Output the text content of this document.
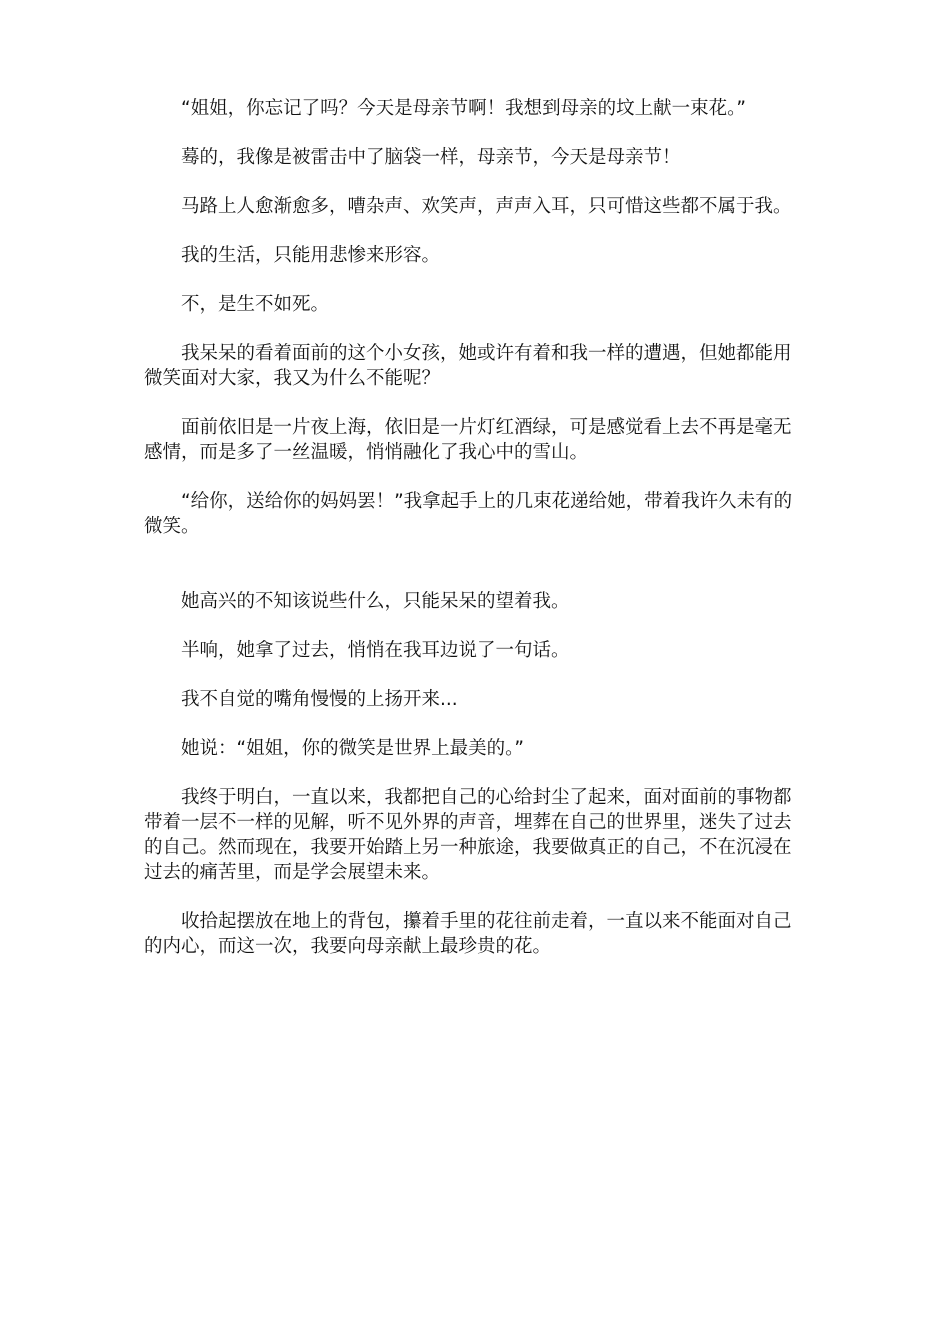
“姐姐，你忘记了吗？今天是母亲节啊！我想到母亲的坟上献一束花。”

蓦的，我像是被雷击中了脑袋一样，母亲节，今天是母亲节！

马路上人愈渐愈多，嘈杂声、欢笑声，声声入耳，只可惜这些都不属于我。

我的生活，只能用悲惨来形容。

不，是生不如死。

我呆呆的看着面前的这个小女孩，她或许有着和我一样的遭遇，但她都能用微笑面对大家，我又为什么不能呢？

面前依旧是一片夜上海，依旧是一片灯红酒绿，可是感觉看上去不再是毫无感情，而是多了一丝温暖，悄悄融化了我心中的雪山。

“给你，送给你的妈妈罢！”我拿起手上的几束花递给她，带着我许久未有的微笑。

她高兴的不知该说些什么，只能呆呆的望着我。

半响，她拿了过去，悄悄在我耳边说了一句话。

我不自觉的嘴角慢慢的上扬开来...

她说：“姐姐，你的微笑是世界上最美的。”

我终于明白，一直以来，我都把自己的心给封尘了起来，面对面前的事物都带着一层不一样的见解，听不见外界的声音，埋葬在自己的世界里，迷失了过去的自己。然而现在，我要开始踏上另一种旅途，我要做真正的自己，不在沉浸在过去的痛苦里，而是学会展望未来。

收拾起摆放在地上的背包，攥着手里的花往前走着，一直以来不能面对自己的内心，而这一次，我要向母亲献上最珍贵的花。
